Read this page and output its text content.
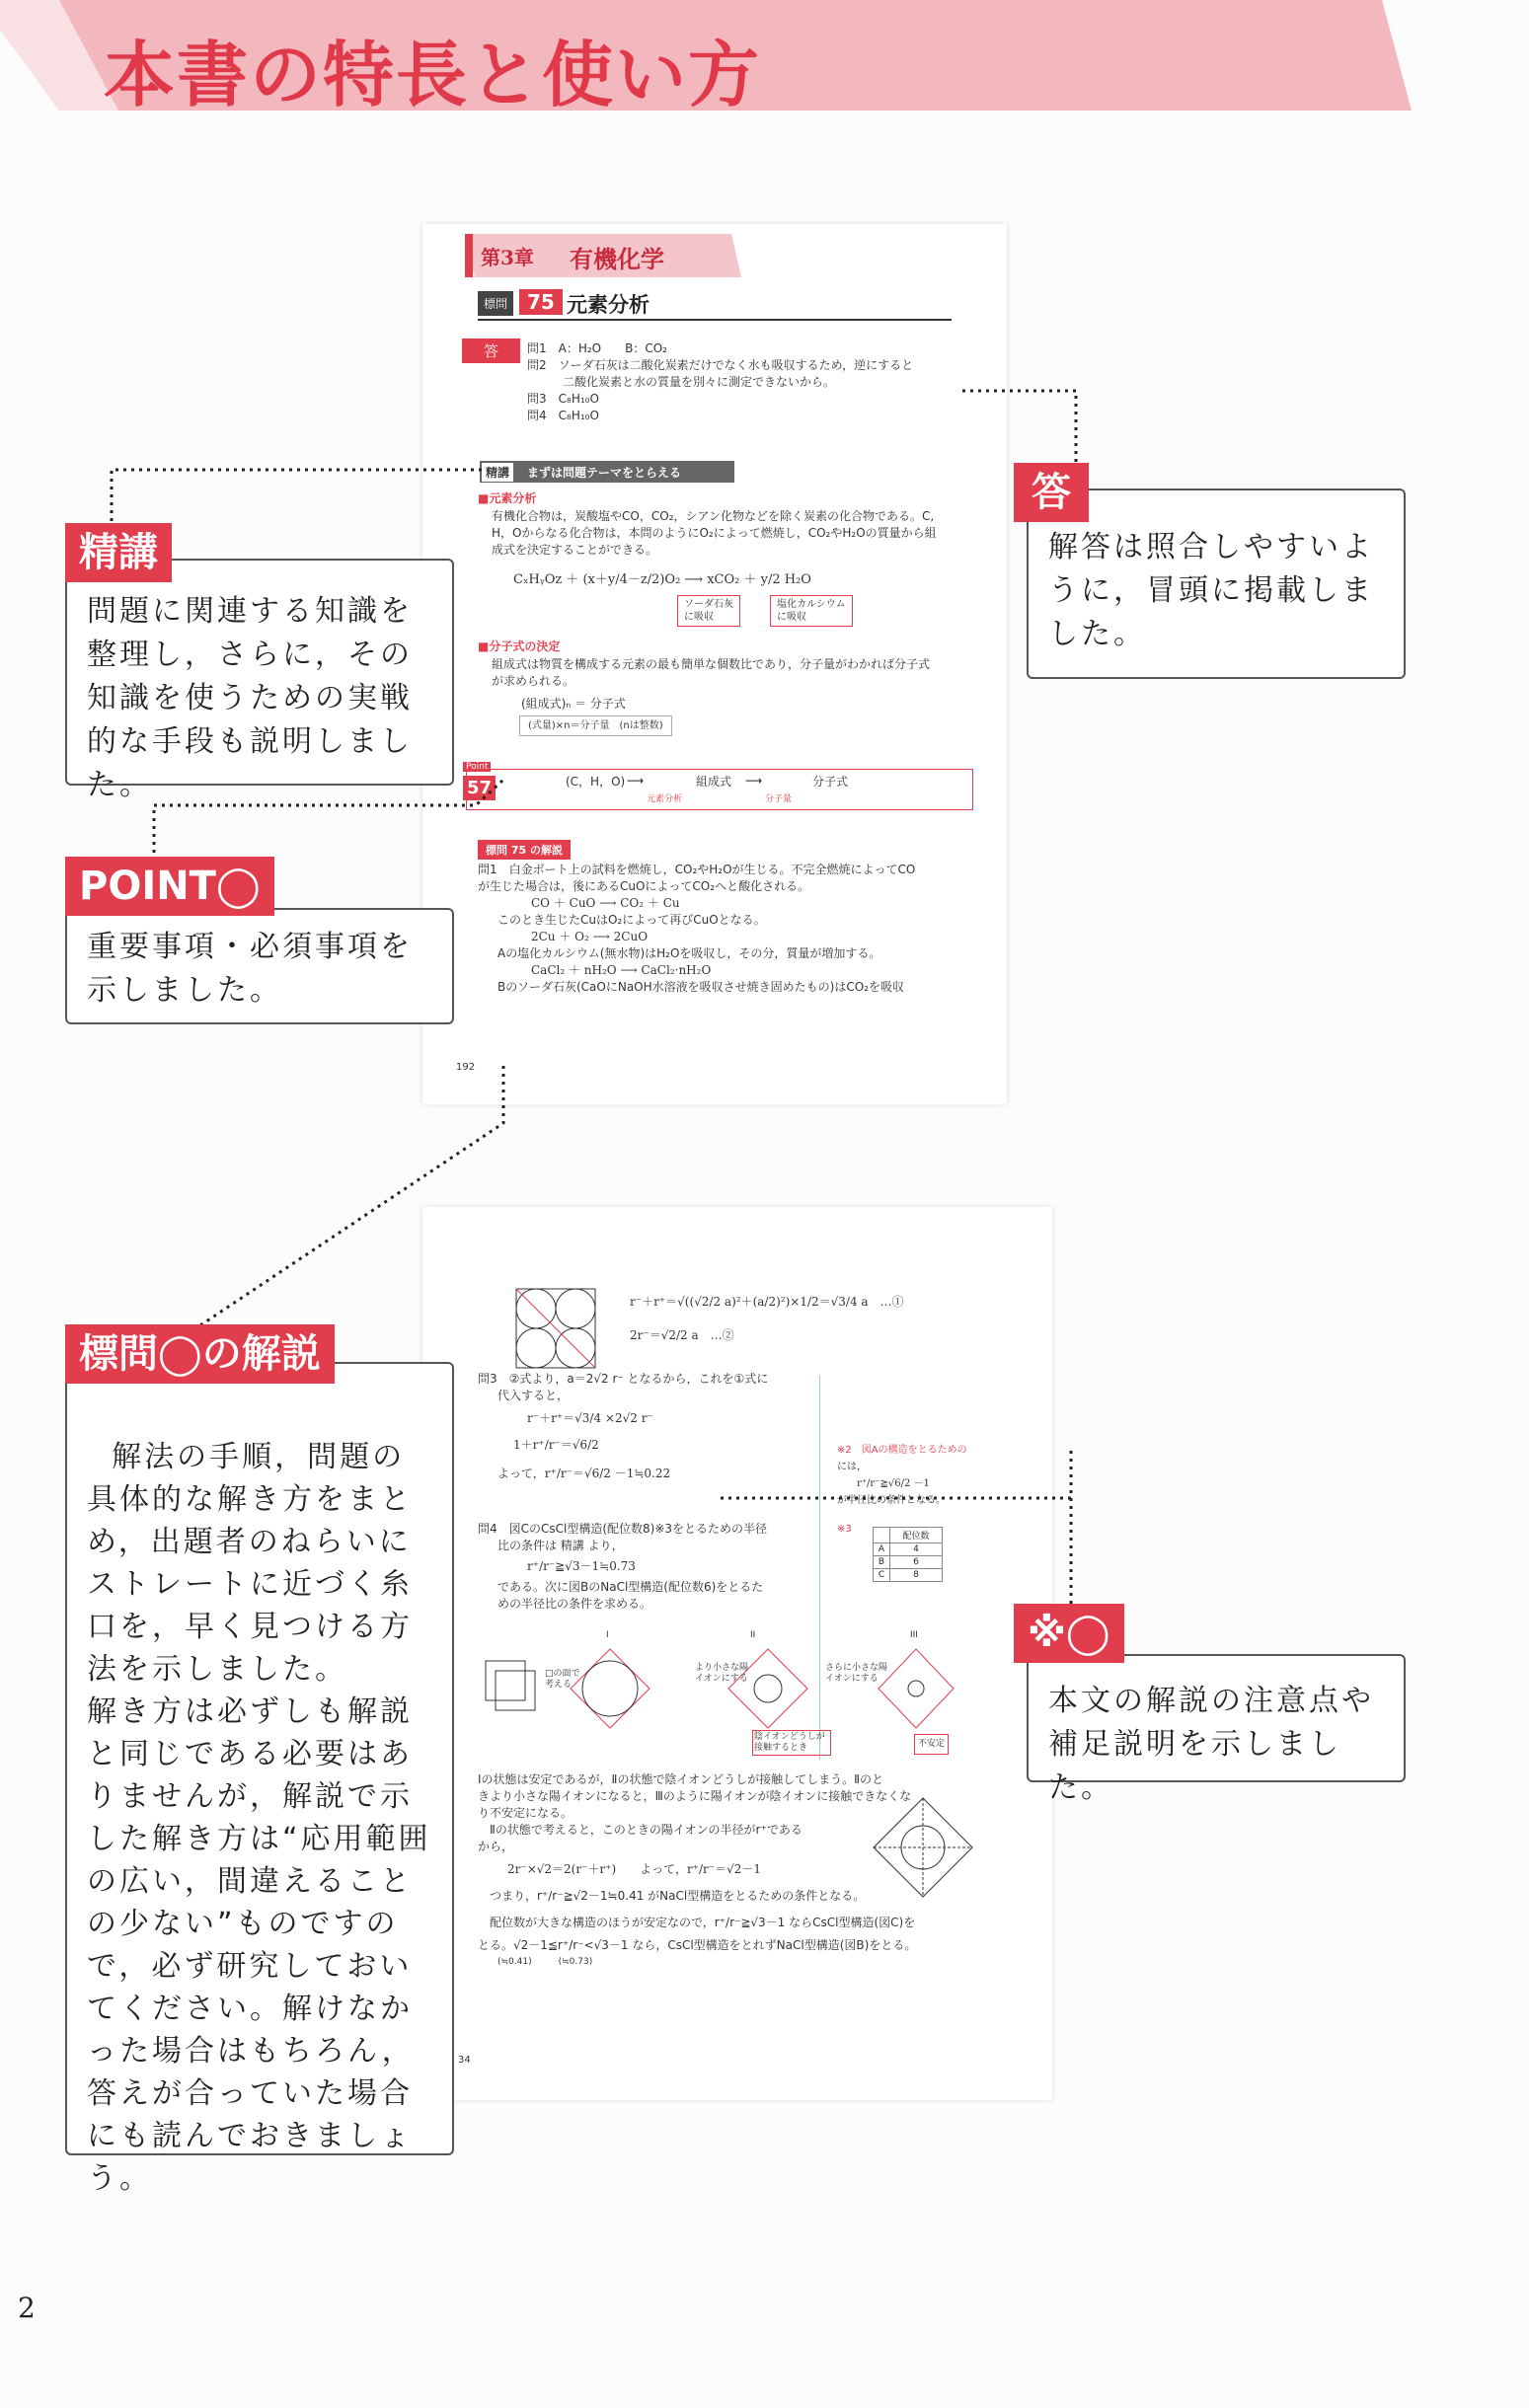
本書の特長と使い方
第3章 有機化学
標問 75 元素分析
答	問1　A：H₂O　　B：CO₂
問2　ソーダ石灰は二酸化炭素だけでなく水も吸収するため，逆にすると
　　　二酸化炭素と水の質量を別々に測定できないから。
問3　C₈H₁₀O
問4　C₈H₁₀O
精講	まずは問題テーマをとらえる
■元素分析
有機化合物は，炭酸塩やCO，CO₂，シアン化物などを除く炭素の化合物である。C,
H，Oからなる化合物は，本問のようにO₂によって燃焼し，CO₂やH₂Oの質量から組
成式を決定することができる。
CₓHᵧOz ＋ (x＋y/4－z/2)O₂ ⟶ xCO₂ ＋ y/2 H₂O
ソーダ石灰
に吸収
塩化カルシウム
に吸収
■分子式の決定
組成式は物質を構成する元素の最も簡単な個数比であり，分子量がわかれば分子式
が求められる。
(組成式)ₙ ＝ 分子式
(式量)×n＝分子量　(nは整数)
Point
57	(C，H，O) ⟶	組成式 ⟶	分子式
元素分析	分子量
標問 75 の解説
問1　白金ボート上の試料を燃焼し，CO₂やH₂Oが生じる。不完全燃焼によってCO
が生じた場合は，後にあるCuOによってCO₂へと酸化される。
CO ＋ CuO ⟶ CO₂ ＋ Cu
このとき生じたCuはO₂によって再びCuOとなる。
2Cu ＋ O₂ ⟶ 2CuO
Aの塩化カルシウム(無水物)はH₂Oを吸収し，その分，質量が増加する。
CaCl₂ ＋ nH₂O ⟶ CaCl₂·nH₂O
Bのソーダ石灰(CaOにNaOH水溶液を吸収させ焼き固めたもの)はCO₂を吸収
192
r⁻＋r⁺＝√((√2/2 a)²＋(a/2)²)×1/2＝√3/4 a　…①
2r⁻＝√2/2 a　…②
問3　②式より，a＝2√2 r⁻ となるから，これを①式に
代入すると，
r⁻＋r⁺＝√3/4 ×2√2 r⁻
1＋r⁺/r⁻＝√6/2
よって，r⁺/r⁻＝√6/2 －1≒0.22
※2　図Aの構造をとるための
には，
r⁺/r⁻≧√6/2 －1
が半径比の条件となる。
問4　図CのCsCl型構造(配位数8)※3をとるための半径
比の条件は 精講 より，
r⁺/r⁻≧√3－1≒0.73
である。次に図BのNaCl型構造(配位数6)をとるた
めの半径比の条件を求める。
※3
	配位数
A	4
B	6
C	8
I	II	III
□の面で考える
より小さな陽イオンにする
さらに小さな陽イオンにする
陰イオンどうしが接触するとき	不安定
Ⅰの状態は安定であるが，Ⅱの状態で陰イオンどうしが接触してしまう。Ⅱのと
きより小さな陽イオンになると，Ⅲのように陽イオンが陰イオンに接触できなくな
り不安定になる。
Ⅱの状態で考えると，このときの陽イオンの半径がr⁺である
から，
2r⁻×√2＝2(r⁻＋r⁺)　　よって，r⁺/r⁻＝√2－1
つまり，r⁺/r⁻≧√2－1≒0.41 がNaCl型構造をとるための条件となる。
配位数が大きな構造のほうが安定なので，r⁺/r⁻≧√3－1 ならCsCl型構造(図C)を
とる。√2－1≦r⁺/r⁻<√3－1 なら，CsCl型構造をとれずNaCl型構造(図B)をとる。
(≒0.41)　　　(≒0.73)
34
解答は照合しやすいように，冒頭に掲載しました。
答
問題に関連する知識を整理し，さらに，その知識を使うための実戦的な手段も説明しました。
精講
重要事項・必須事項を示しました。
POINT◯

解法の手順，問題の具体的な解き方をまとめ，出題者のねらいにストレートに近づく糸口を，早く見つける方法を示しました。
解き方は必ずしも解説と同じである必要はありませんが，解説で示した解き方は“応用範囲の広い，間違えることの少ない”ものですので，必ず研究しておいてください。解けなかった場合はもちろん，答えが合っていた場合にも読んでおきましょう。

標問◯の解説
本文の解説の注意点や補足説明を示しました。
※◯
2
